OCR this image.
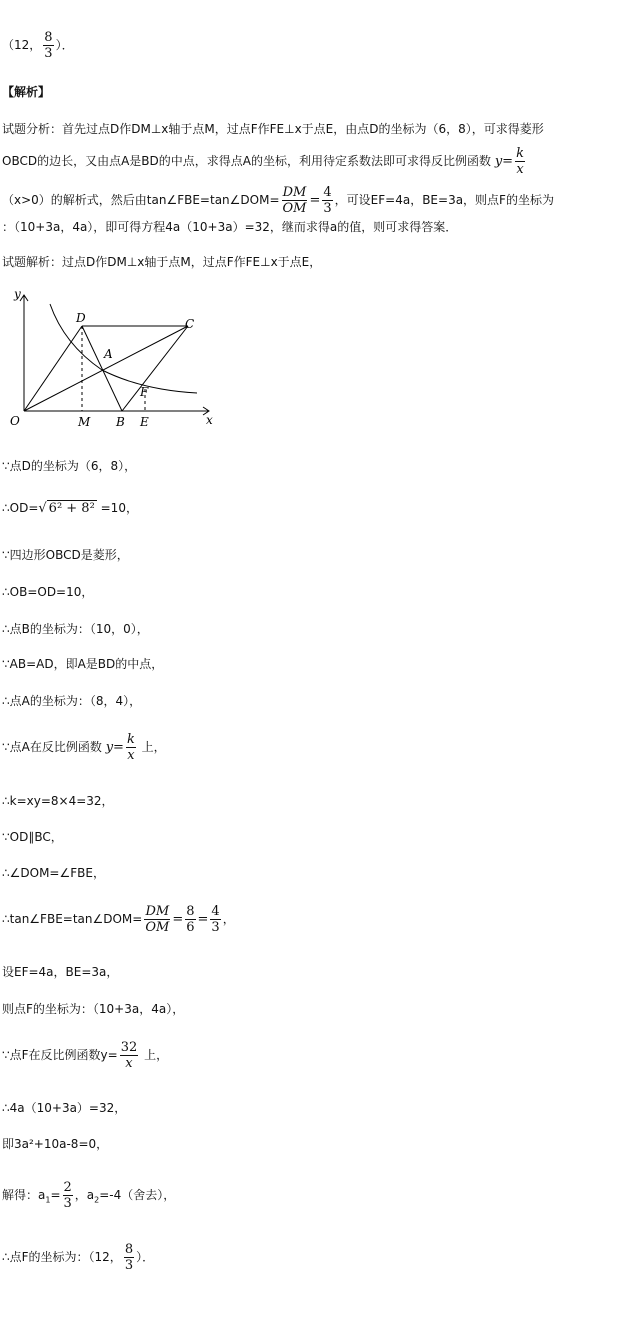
（12， $\frac{8}{3}$ ）．
【解析】
试题分析：首先过点D作DM⊥x轴于点M，过点F作FE⊥x于点E，由点D的坐标为（6，8），可求得菱形
OBCD的边长，又由点A是BD的中点，求得点A的坐标，利用待定系数法即可求得反比例函数 $y= \frac{k}{x}$
（x>0）的解析式，然后由tan∠FBE=tan∠DOM= $\frac{DM}{OM} = \frac{4}{3}$ ，可设EF=4a，BE=3a，则点F的坐标为
：（10+3a，4a），即可得方程4a（10+3a）=32，继而求得a的值，则可求得答案．
试题解析：过点D作DM⊥x轴于点M，过点F作FE⊥x于点E，
y
x
O	M B E
D	C
A
F
∵点D的坐标为（6，8），
∴OD=√ 6² + 8² =10，
∵四边形OBCD是菱形，
∴OB=OD=10，
∴点B的坐标为：（10，0），
∵AB=AD，即A是BD的中点，
∴点A的坐标为：（8，4），
∵点A在反比例函数 $y= \frac{k}{x}$ 上，
∴k=xy=8×4=32，
∵OD∥BC，
∴∠DOM=∠FBE，
∴tan∠FBE=tan∠DOM= $\frac{DM}{OM} = \frac{8}{6} = \frac{4}{3}$ ，
设EF=4a，BE=3a，
则点F的坐标为：（10+3a，4a），
∵点F在反比例函数$y= \frac{32}{x}$ 上，
∴4a（10+3a）=32，
即3a²+10a-8=0，
解得：$a_1= \frac{2}{3}$ ，$a_2=-4$（舍去），
∴点F的坐标为：（12， $\frac{8}{3}$ ）．
